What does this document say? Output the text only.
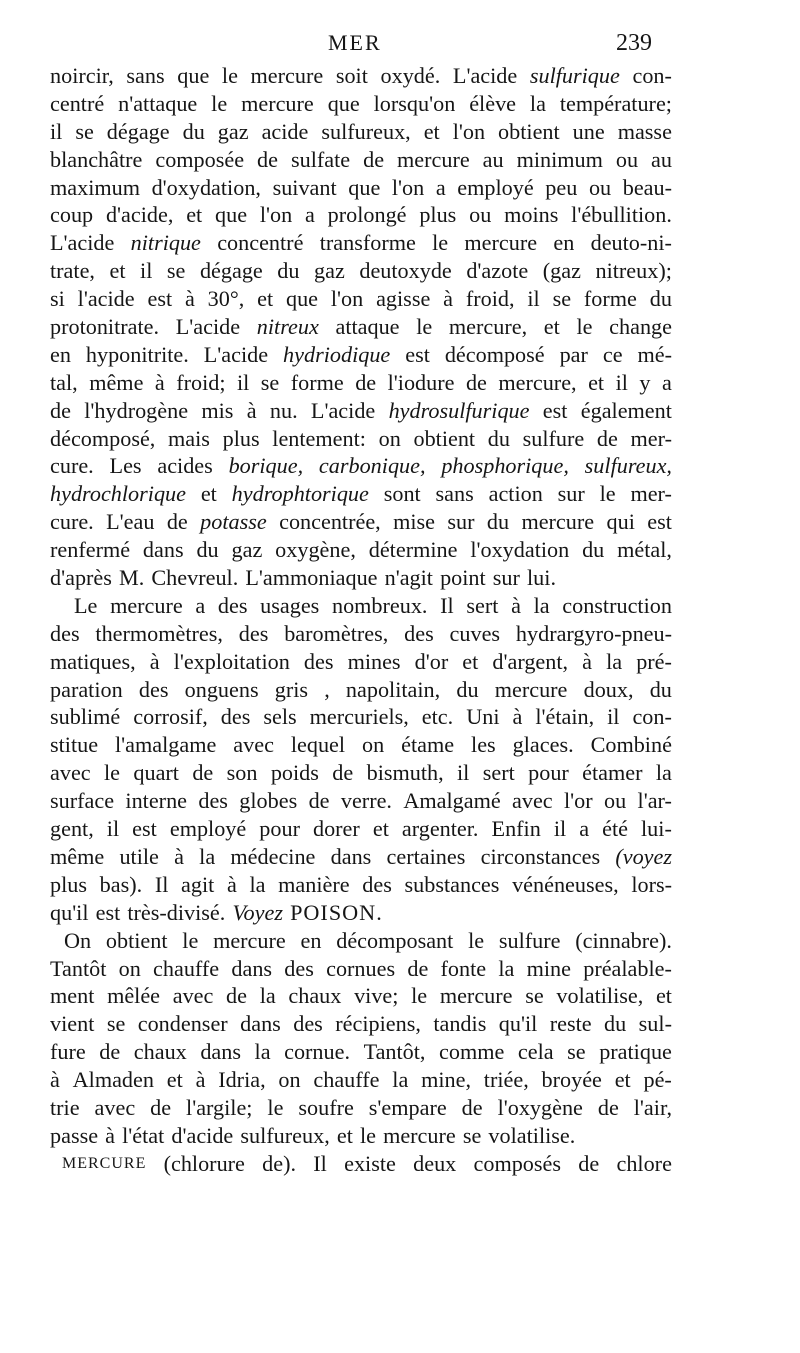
MER	239
noircir, sans que le mercure soit oxydé. L'acide sulfurique con-
centré n'attaque le mercure que lorsqu'on élève la température;
il se dégage du gaz acide sulfureux, et l'on obtient une masse
blanchâtre composée de sulfate de mercure au minimum ou au
maximum d'oxydation, suivant que l'on a employé peu ou beau-
coup d'acide, et que l'on a prolongé plus ou moins l'ébullition.
L'acide nitrique concentré transforme le mercure en deuto-ni-
trate, et il se dégage du gaz deutoxyde d'azote (gaz nitreux);
si l'acide est à 30°, et que l'on agisse à froid, il se forme du
protonitrate. L'acide nitreux attaque le mercure, et le change
en hyponitrite. L'acide hydriodique est décomposé par ce mé-
tal, même à froid; il se forme de l'iodure de mercure, et il y a
de l'hydrogène mis à nu. L'acide hydrosulfurique est également
décomposé, mais plus lentement: on obtient du sulfure de mer-
cure. Les acides borique, carbonique, phosphorique, sulfureux,
hydrochlorique et hydrophtorique sont sans action sur le mer-
cure. L'eau de potasse concentrée, mise sur du mercure qui est
renfermé dans du gaz oxygène, détermine l'oxydation du métal,
d'après M. Chevreul. L'ammoniaque n'agit point sur lui.
Le mercure a des usages nombreux. Il sert à la construction
des thermomètres, des baromètres, des cuves hydrargyro-pneu-
matiques, à l'exploitation des mines d'or et d'argent, à la pré-
paration des onguens gris , napolitain, du mercure doux, du
sublimé corrosif, des sels mercuriels, etc. Uni à l'étain, il con-
stitue l'amalgame avec lequel on étame les glaces. Combiné
avec le quart de son poids de bismuth, il sert pour étamer la
surface interne des globes de verre. Amalgamé avec l'or ou l'ar-
gent, il est employé pour dorer et argenter. Enfin il a été lui-
même utile à la médecine dans certaines circonstances (voyez
plus bas). Il agit à la manière des substances vénéneuses, lors-
qu'il est très-divisé. Voyez POISON.
On obtient le mercure en décomposant le sulfure (cinnabre).
Tantôt on chauffe dans des cornues de fonte la mine préalable-
ment mêlée avec de la chaux vive; le mercure se volatilise, et
vient se condenser dans des récipiens, tandis qu'il reste du sul-
fure de chaux dans la cornue. Tantôt, comme cela se pratique
à Almaden et à Idria, on chauffe la mine, triée, broyée et pé-
trie avec de l'argile; le soufre s'empare de l'oxygène de l'air,
passe à l'état d'acide sulfureux, et le mercure se volatilise.
MERCURE (chlorure de). Il existe deux composés de chlore
